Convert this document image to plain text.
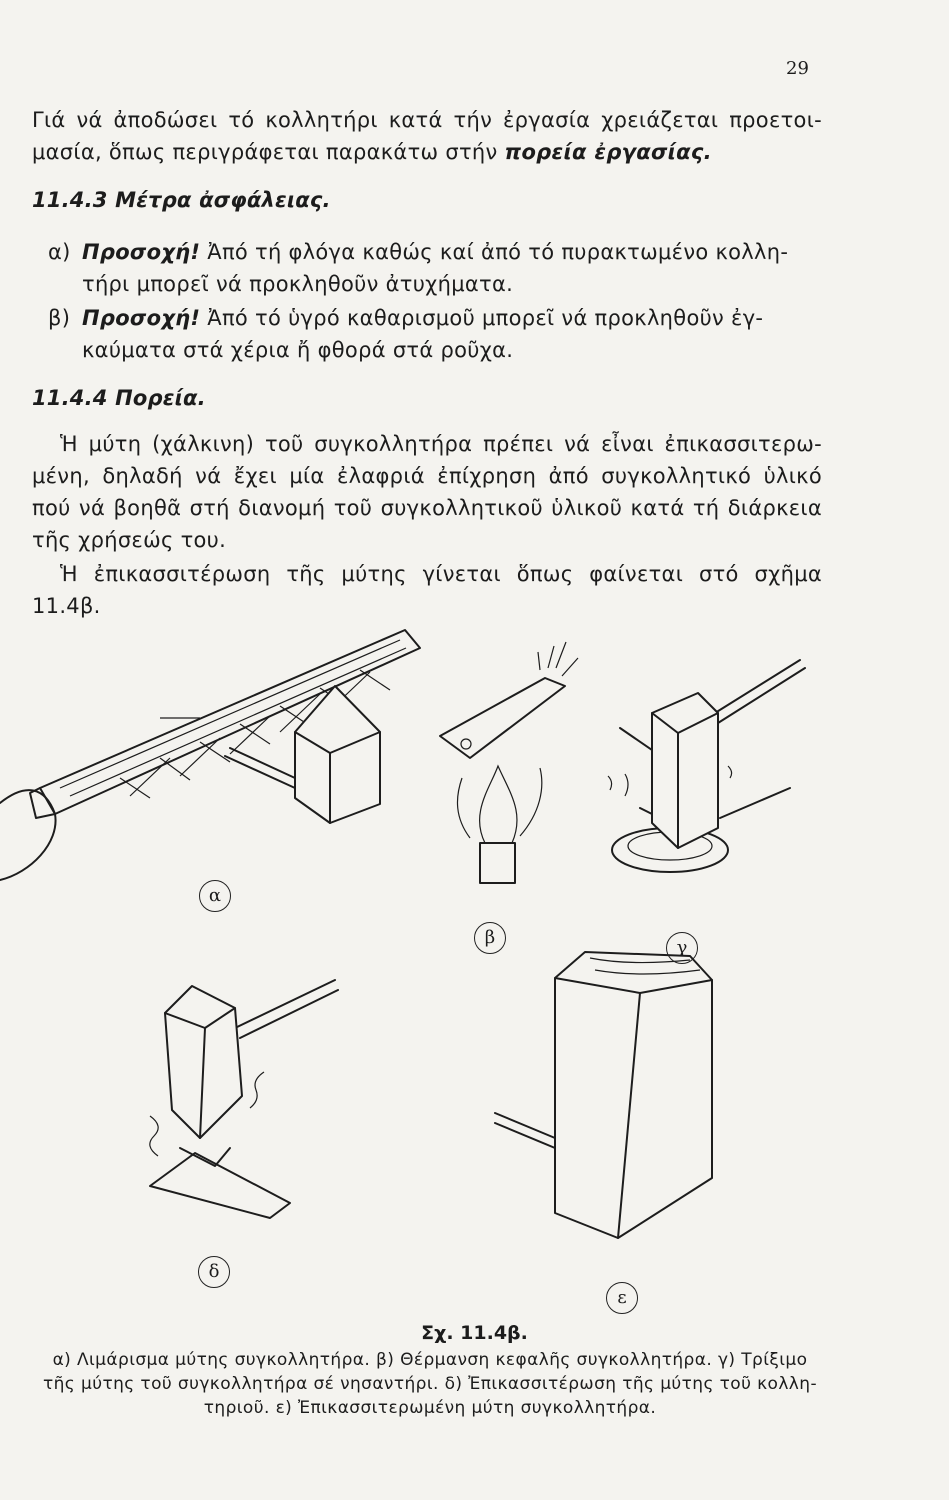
29
Γιά νά ἀποδώσει τό κολλητήρι κατά τήν ἐργασία χρειάζεται προετοι-
μασία, ὅπως περιγράφεται παρακάτω στήν πορεία ἐργασίας.
11.4.3 Μέτρα ἀσφάλειας.
α) Προσοχή! Ἀπό τή φλόγα καθώς καί ἀπό τό πυρακτωμένο κολλη-
τήρι μπορεῖ νά προκληθοῦν ἀτυχήματα.
β) Προσοχή! Ἀπό τό ὑγρό καθαρισμοῦ μπορεῖ νά προκληθοῦν ἐγ-
καύματα στά χέρια ἤ φθορά στά ροῦχα.
11.4.4 Πορεία.
Ἡ μύτη (χάλκινη) τοῦ συγκολλητήρα πρέπει νά εἶναι ἐπικασσιτερω-
μένη, δηλαδή νά ἔχει μία ἐλαφριά ἐπίχρηση ἀπό συγκολλητικό ὑλικό
πού νά βοηθᾶ στή διανομή τοῦ συγκολλητικοῦ ὑλικοῦ κατά τή διάρκεια
τῆς χρήσεώς του.
Ἡ ἐπικασσιτέρωση τῆς μύτης γίνεται ὅπως φαίνεται στό σχῆμα
11.4β.
α
β	γ
δ
ε
Σχ. 11.4β.
α) Λιμάρισμα μύτης συγκολλητήρα. β) Θέρμανση κεφαλῆς συγκολλητήρα. γ) Τρίξιμο
τῆς μύτης τοῦ συγκολλητήρα σέ νησαντήρι. δ) Ἐπικασσιτέρωση τῆς μύτης τοῦ κολλη-
τηριοῦ. ε) Ἐπικασσιτερωμένη μύτη συγκολλητήρα.
